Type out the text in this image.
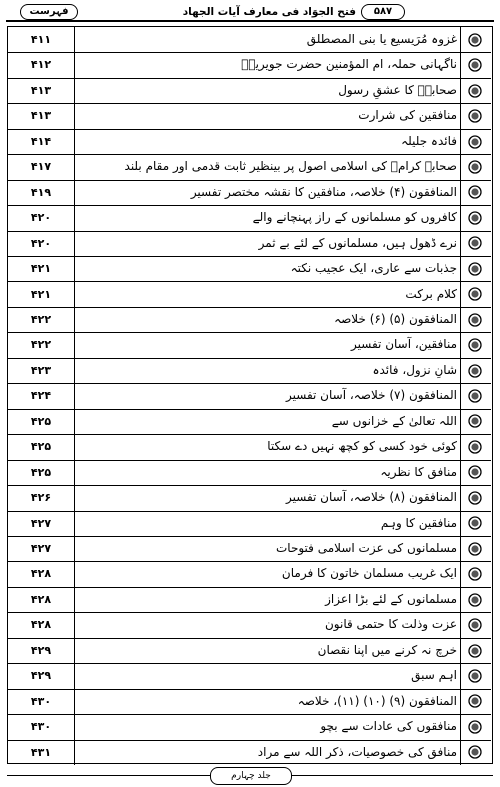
فہرست	فتح الجوَاد فی معارف آیات الجهاد	۵۸۷
۴۱۱	غزوہ مُرَیسیع یا بنی المصطلق
۴۱۲	ناگہانی حملہ، ام المؤمنین حضرت جویریہؓ
۴۱۳	صحابہؓ کا عشقِ رسول
۴۱۳	منافقین کی شرارت
۴۱۴	فائدہ جلیلہ
۴۱۷	صحابہ کرامؓ کی اسلامی اصول پر بینظیر ثابت قدمی اور مقام بلند
۴۱۹	المنافقون (۴) خلاصہ، منافقین کا نقشہ مختصر تفسیر
۴۲۰	کافروں کو مسلمانوں کے راز پہنچانے والے
۴۲۰	نرے ڈھول ہیں، مسلمانوں کے لئے بے ثمر
۴۲۱	جذبات سے عاری، ایک عجیب نکتہ
۴۲۱	کلام برکت
۴۲۲	المنافقون (۵) (۶) خلاصہ
۴۲۲	منافقین، آسان تفسیر
۴۲۳	شانِ نزول، فائدہ
۴۲۴	المنافقون (۷) خلاصہ، آسان تفسیر
۴۲۵	اللہ تعالیٰ کے خزانوں سے
۴۲۵	کوئی خود کسی کو کچھ نہیں دے سکتا
۴۲۵	منافق کا نظریہ
۴۲۶	المنافقون (۸) خلاصہ، آسان تفسیر
۴۲۷	منافقین کا وہم
۴۲۷	مسلمانوں کی عزت اسلامی فتوحات
۴۲۸	ایک غریب مسلمان خاتون کا فرمان
۴۲۸	مسلمانوں کے لئے بڑا اعزاز
۴۲۸	عزت وذلت کا حتمی قانون
۴۲۹	خرچ نہ کرنے میں اپنا نقصان
۴۲۹	اہم سبق
۴۳۰	المنافقون (۹) (۱۰) (۱۱)، خلاصہ
۴۳۰	منافقوں کی عادات سے بچو
۴۳۱	منافق کی خصوصیات، ذکر اللہ سے مراد
جلد چہارم
